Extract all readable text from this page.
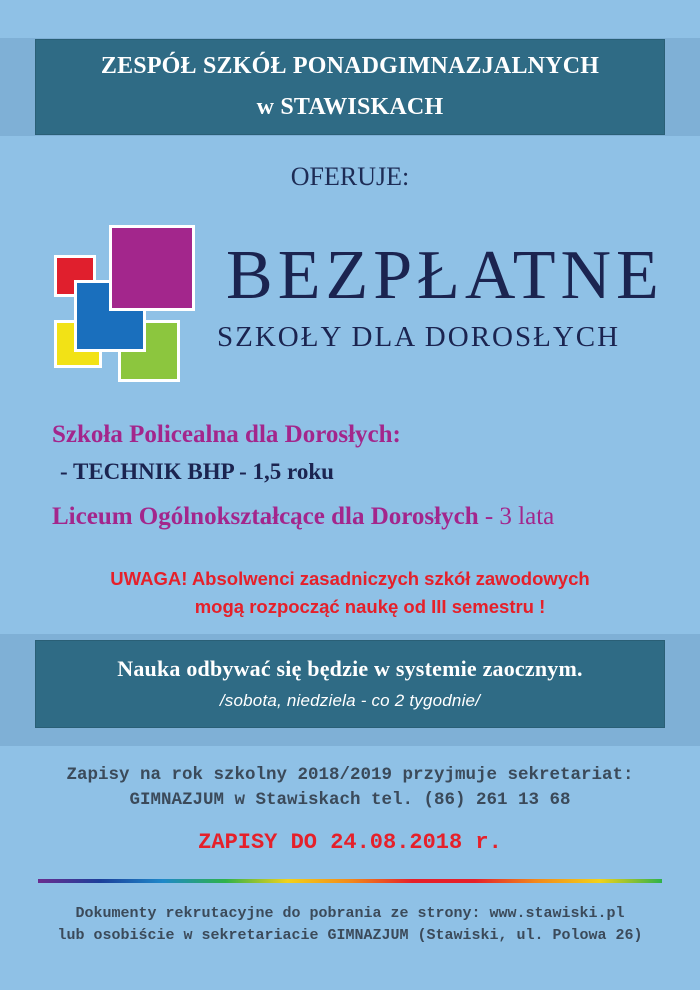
ZESPÓŁ SZKÓŁ PONADGIMNAZJALNYCH
w STAWISKACH
OFERUJE:
BEZPŁATNE
SZKOŁY DLA DOROSŁYCH
Szkoła Policealna dla Dorosłych:
- TECHNIK BHP - 1,5 roku
Liceum Ogólnokształcące dla Dorosłych - 3 lata
UWAGA! Absolwenci zasadniczych szkół zawodowych
mogą rozpocząć naukę od III semestru !
Nauka odbywać się będzie w systemie zaocznym.
/sobota, niedziela - co 2 tygodnie/
Zapisy na rok szkolny 2018/2019 przyjmuje sekretariat:
GIMNAZJUM w Stawiskach tel. (86) 261 13 68
ZAPISY DO 24.08.2018 r.
Dokumenty rekrutacyjne do pobrania ze strony: www.stawiski.pl
lub osobiście w sekretariacie GIMNAZJUM (Stawiski, ul. Polowa 26)
